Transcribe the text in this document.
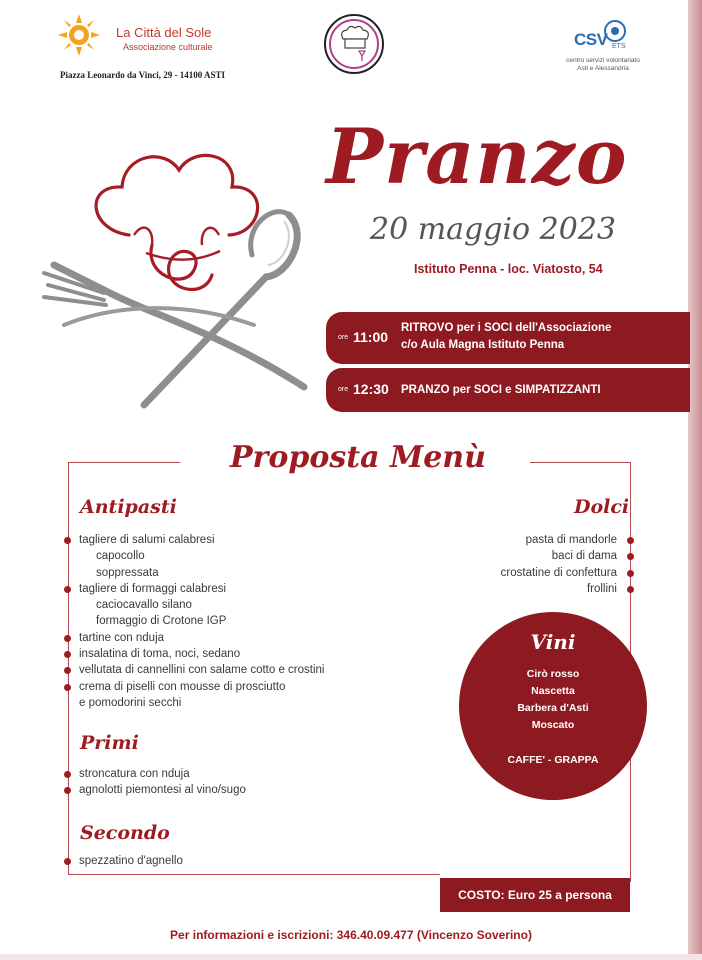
La Città del Sole
Associazione culturale
Piazza Leonardo da Vinci, 29 - 14100 ASTI
CSV ETS
centro servizi volontariato
Asti e Alessandria
Pranzo
20 maggio 2023
Istituto Penna - loc. Viatosto, 54
ore 11:00
RITROVO per i SOCI dell'Associazione
c/o Aula Magna Istituto Penna
ore 12:30 PRANZO per SOCI e SIMPATIZZANTI
Proposta Menù
Antipasti
tagliere di salumi calabresi
capocollo
soppressata
tagliere di formaggi calabresi
caciocavallo silano
formaggio di Crotone IGP
tartine con nduja
insalatina di toma, noci, sedano
vellutata di cannellini con salame cotto e crostini
crema di piselli con mousse di prosciutto
e pomodorini secchi
Primi
stroncatura con nduja
agnolotti piemontesi al vino/sugo
Secondo
spezzatino d'agnello
Dolci
pasta di mandorle
baci di dama
crostatine di confettura
frollini
Vini
Cirò rosso
Nascetta
Barbera d'Asti
Moscato
CAFFE' - GRAPPA
COSTO: Euro 25 a persona
Per informazioni e iscrizioni: 346.40.09.477 (Vincenzo Soverino)
